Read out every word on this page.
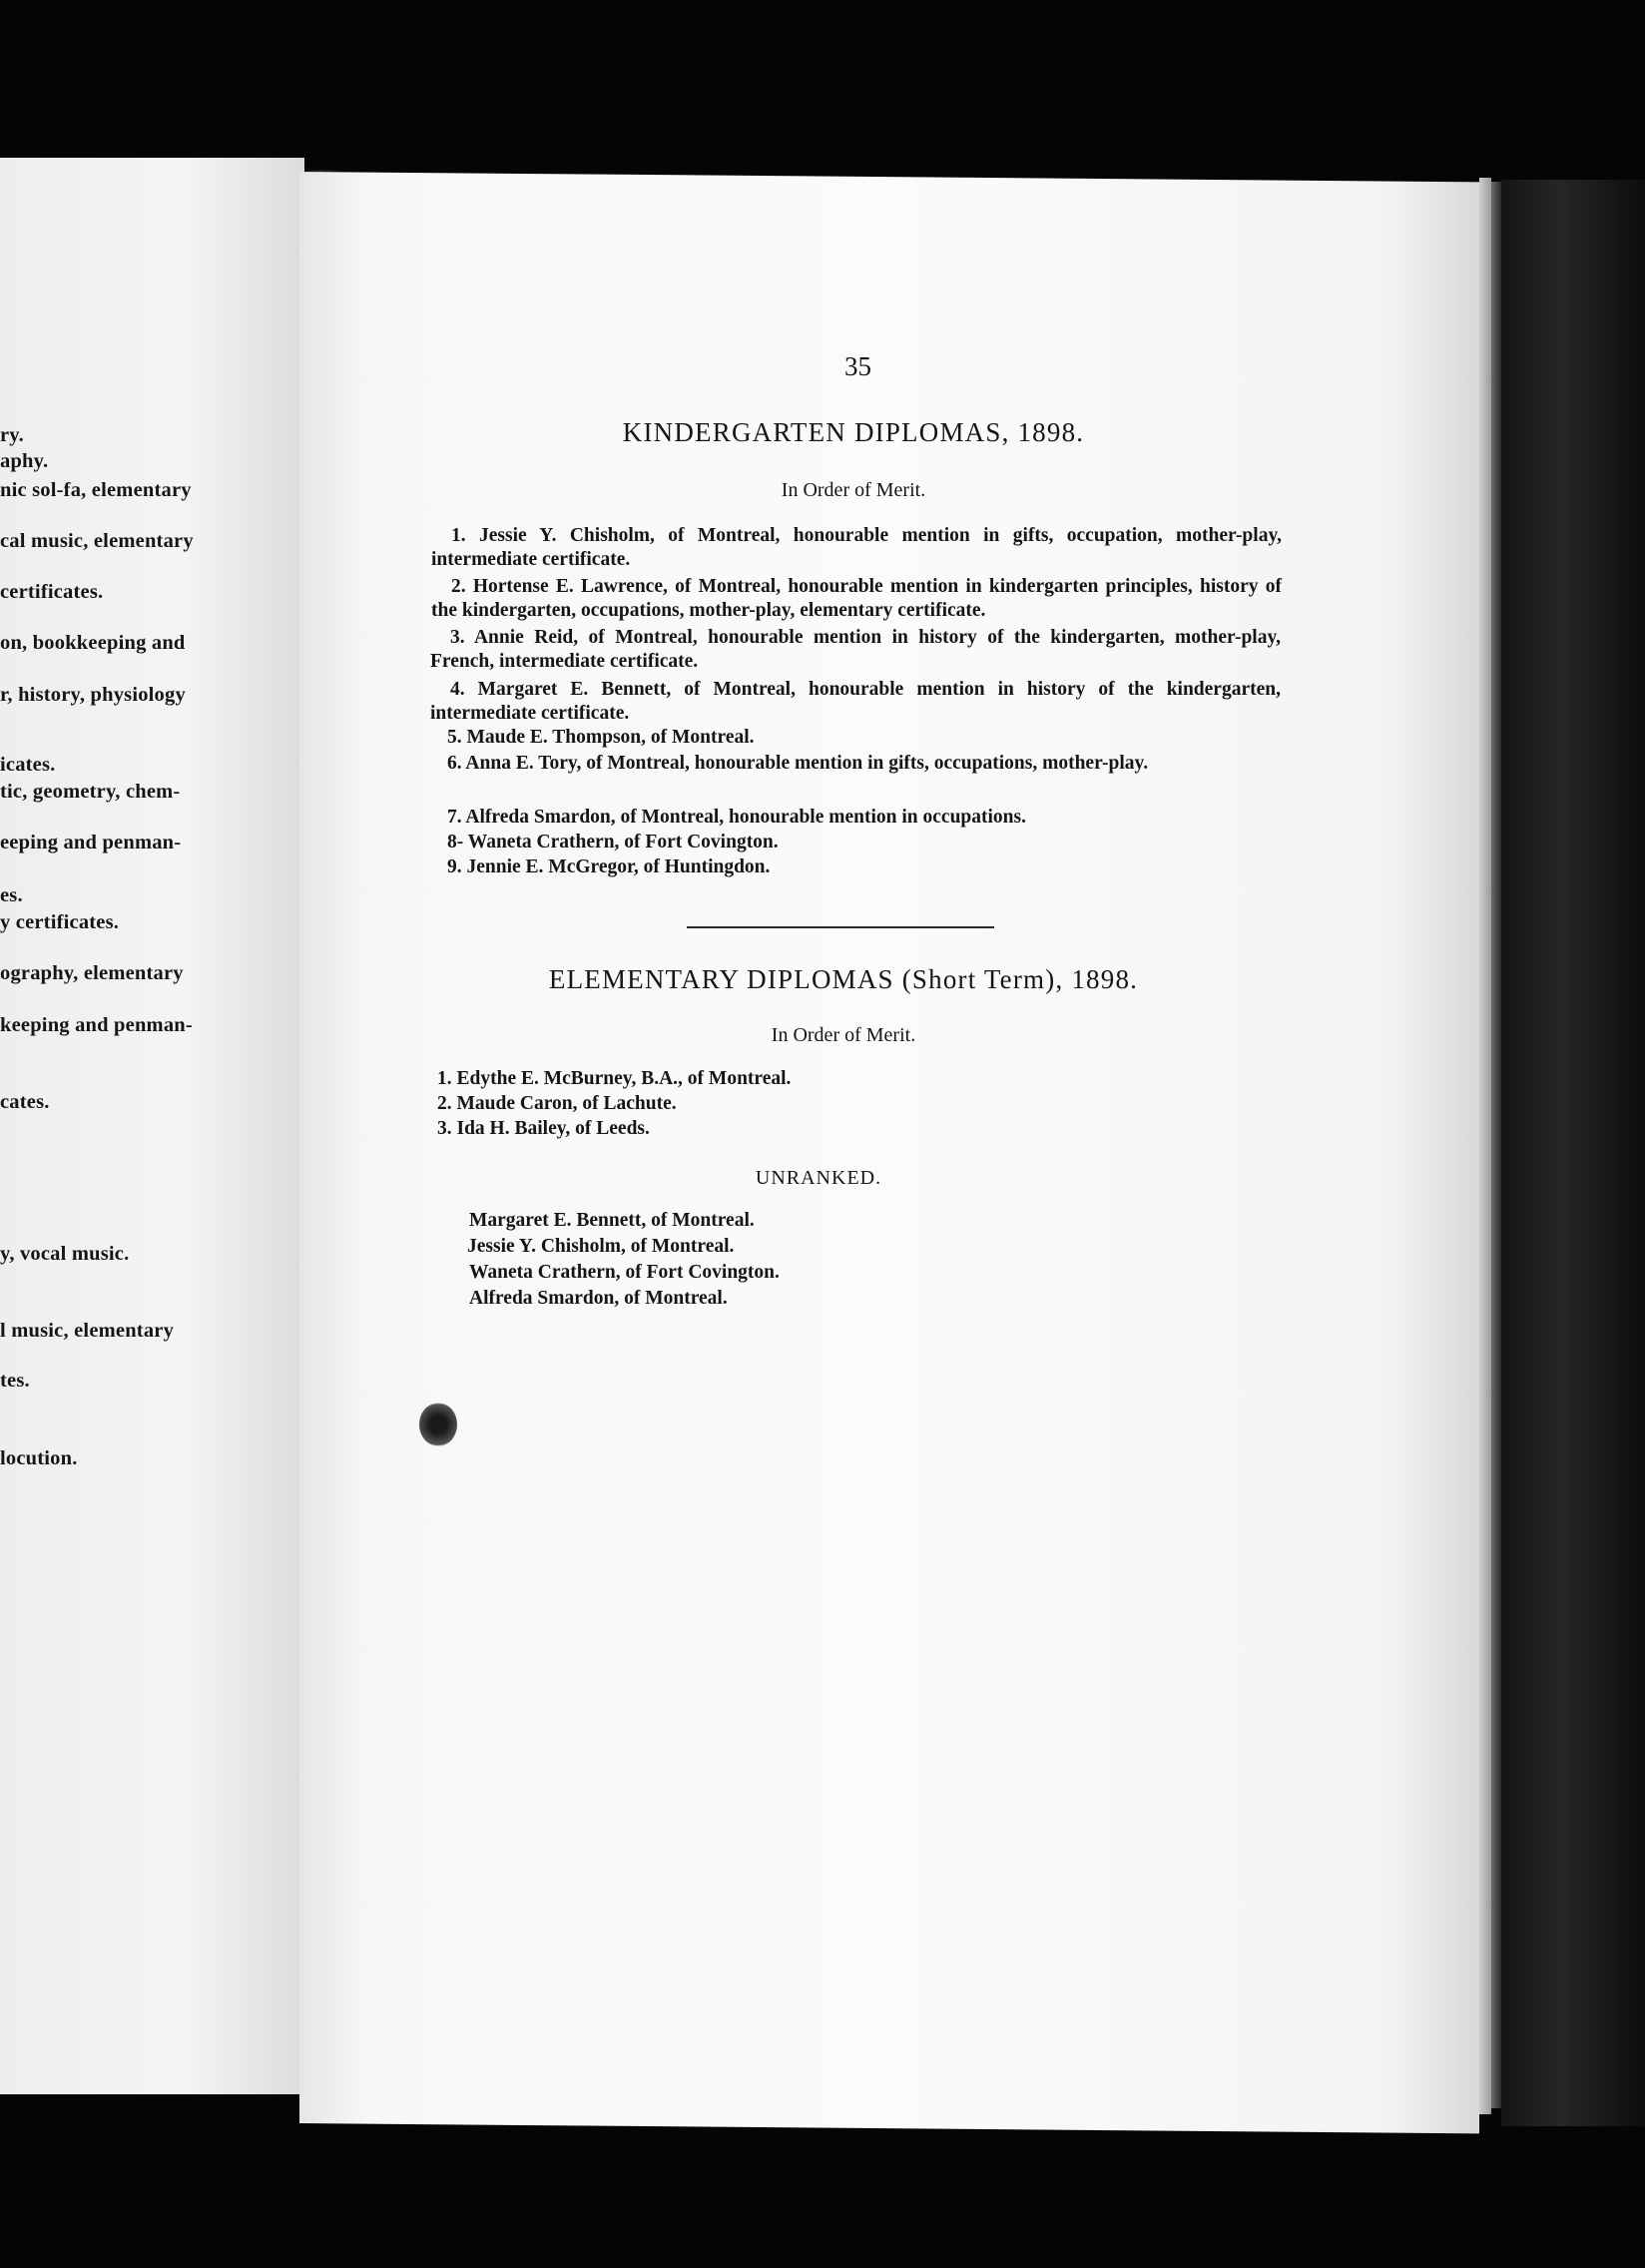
ry.
aphy.
nic sol-fa, elementary
cal music, elementary
certificates.
on, bookkeeping and
r, history, physiology
icates.
tic, geometry, chem-
eeping and penman-
es.
y certificates.
ography, elementary
keeping and penman-
cates.
y, vocal music.
l music, elementary
tes.
locution.
35
KINDERGARTEN DIPLOMAS, 1898.
In Order of Merit.
1. Jessie Y. Chisholm, of Montreal, honourable mention in gifts, occupation, mother-play, intermediate certificate.
2. Hortense E. Lawrence, of Montreal, honourable mention in kindergarten principles, history of the kindergarten, occupations, mother-play, elementary certificate.
3. Annie Reid, of Montreal, honourable mention in history of the kindergarten, mother-play, French, intermediate certificate.
4. Margaret E. Bennett, of Montreal, honourable mention in history of the kindergarten, intermediate certificate.
5. Maude E. Thompson, of Montreal.
6. Anna E. Tory, of Montreal, honourable mention in gifts, occupations, mother-play.
7. Alfreda Smardon, of Montreal, honourable mention in occupations.
8- Waneta Crathern, of Fort Covington.
9. Jennie E. McGregor, of Huntingdon.
ELEMENTARY DIPLOMAS (Short Term), 1898.
In Order of Merit.
1. Edythe E. McBurney, B.A., of Montreal.
2. Maude Caron, of Lachute.
3. Ida H. Bailey, of Leeds.
UNRANKED.
Margaret E. Bennett, of Montreal.
Jessie Y. Chisholm, of Montreal.
Waneta Crathern, of Fort Covington.
Alfreda Smardon, of Montreal.
